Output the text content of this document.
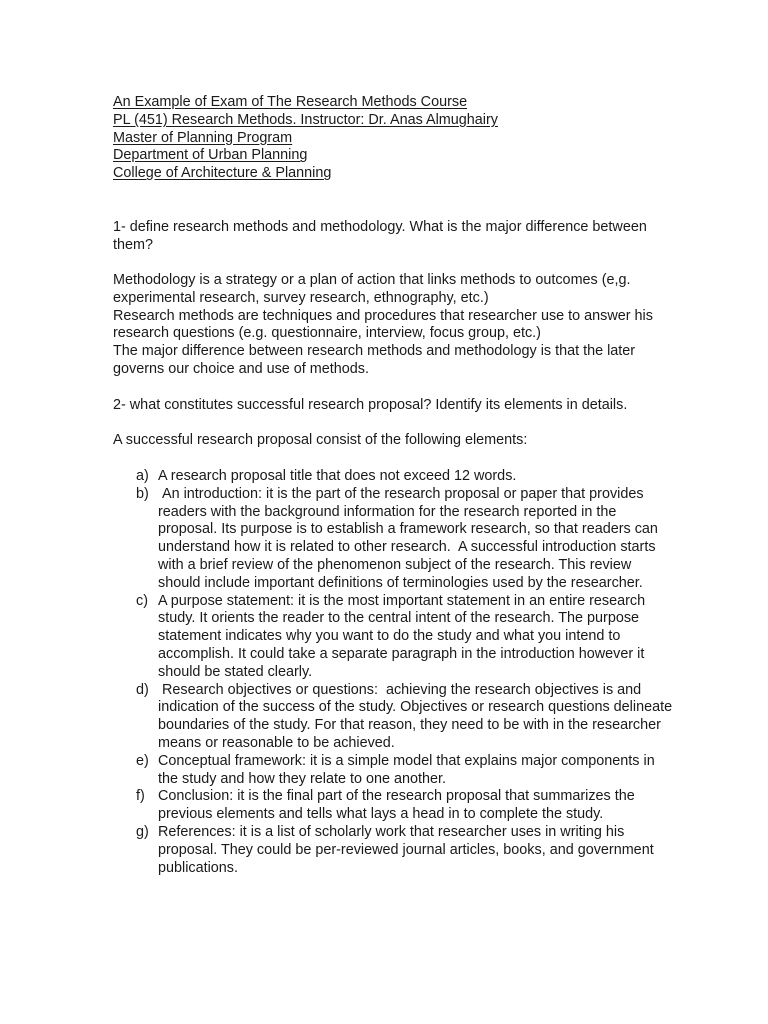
An Example of Exam of The Research Methods Course
PL (451) Research Methods. Instructor: Dr. Anas Almughairy
Master of Planning Program
Department of Urban Planning
College of Architecture & Planning

1- define research methods and methodology. What is the major difference between them?

Methodology is a strategy or a plan of action that links methods to outcomes (e,g. experimental research, survey research, ethnography, etc.)

Research methods are techniques and procedures that researcher use to answer his research questions (e.g. questionnaire, interview, focus group, etc.)

The major difference between research methods and methodology is that the later governs our choice and use of methods.

2- what constitutes successful research proposal? Identify its elements in details.

A successful research proposal consist of the following elements:

a) A research proposal title that does not exceed 12 words.
b) An introduction: it is the part of the research proposal or paper that provides readers with the background information for the research reported in the proposal. Its purpose is to establish a framework research, so that readers can understand how it is related to other research.  A successful introduction starts with a brief review of the phenomenon subject of the research. This review should include important definitions of terminologies used by the researcher.
c) A purpose statement: it is the most important statement in an entire research study. It orients the reader to the central intent of the research. The purpose statement indicates why you want to do the study and what you intend to accomplish. It could take a separate paragraph in the introduction however it should be stated clearly.
d) Research objectives or questions:  achieving the research objectives is and indication of the success of the study. Objectives or research questions delineate boundaries of the study. For that reason, they need to be with in the researcher means or reasonable to be achieved.
e) Conceptual framework: it is a simple model that explains major components in the study and how they relate to one another.
f) Conclusion: it is the final part of the research proposal that summarizes the previous elements and tells what lays a head in to complete the study.
g) References: it is a list of scholarly work that researcher uses in writing his proposal. They could be per-reviewed journal articles, books, and government publications.
